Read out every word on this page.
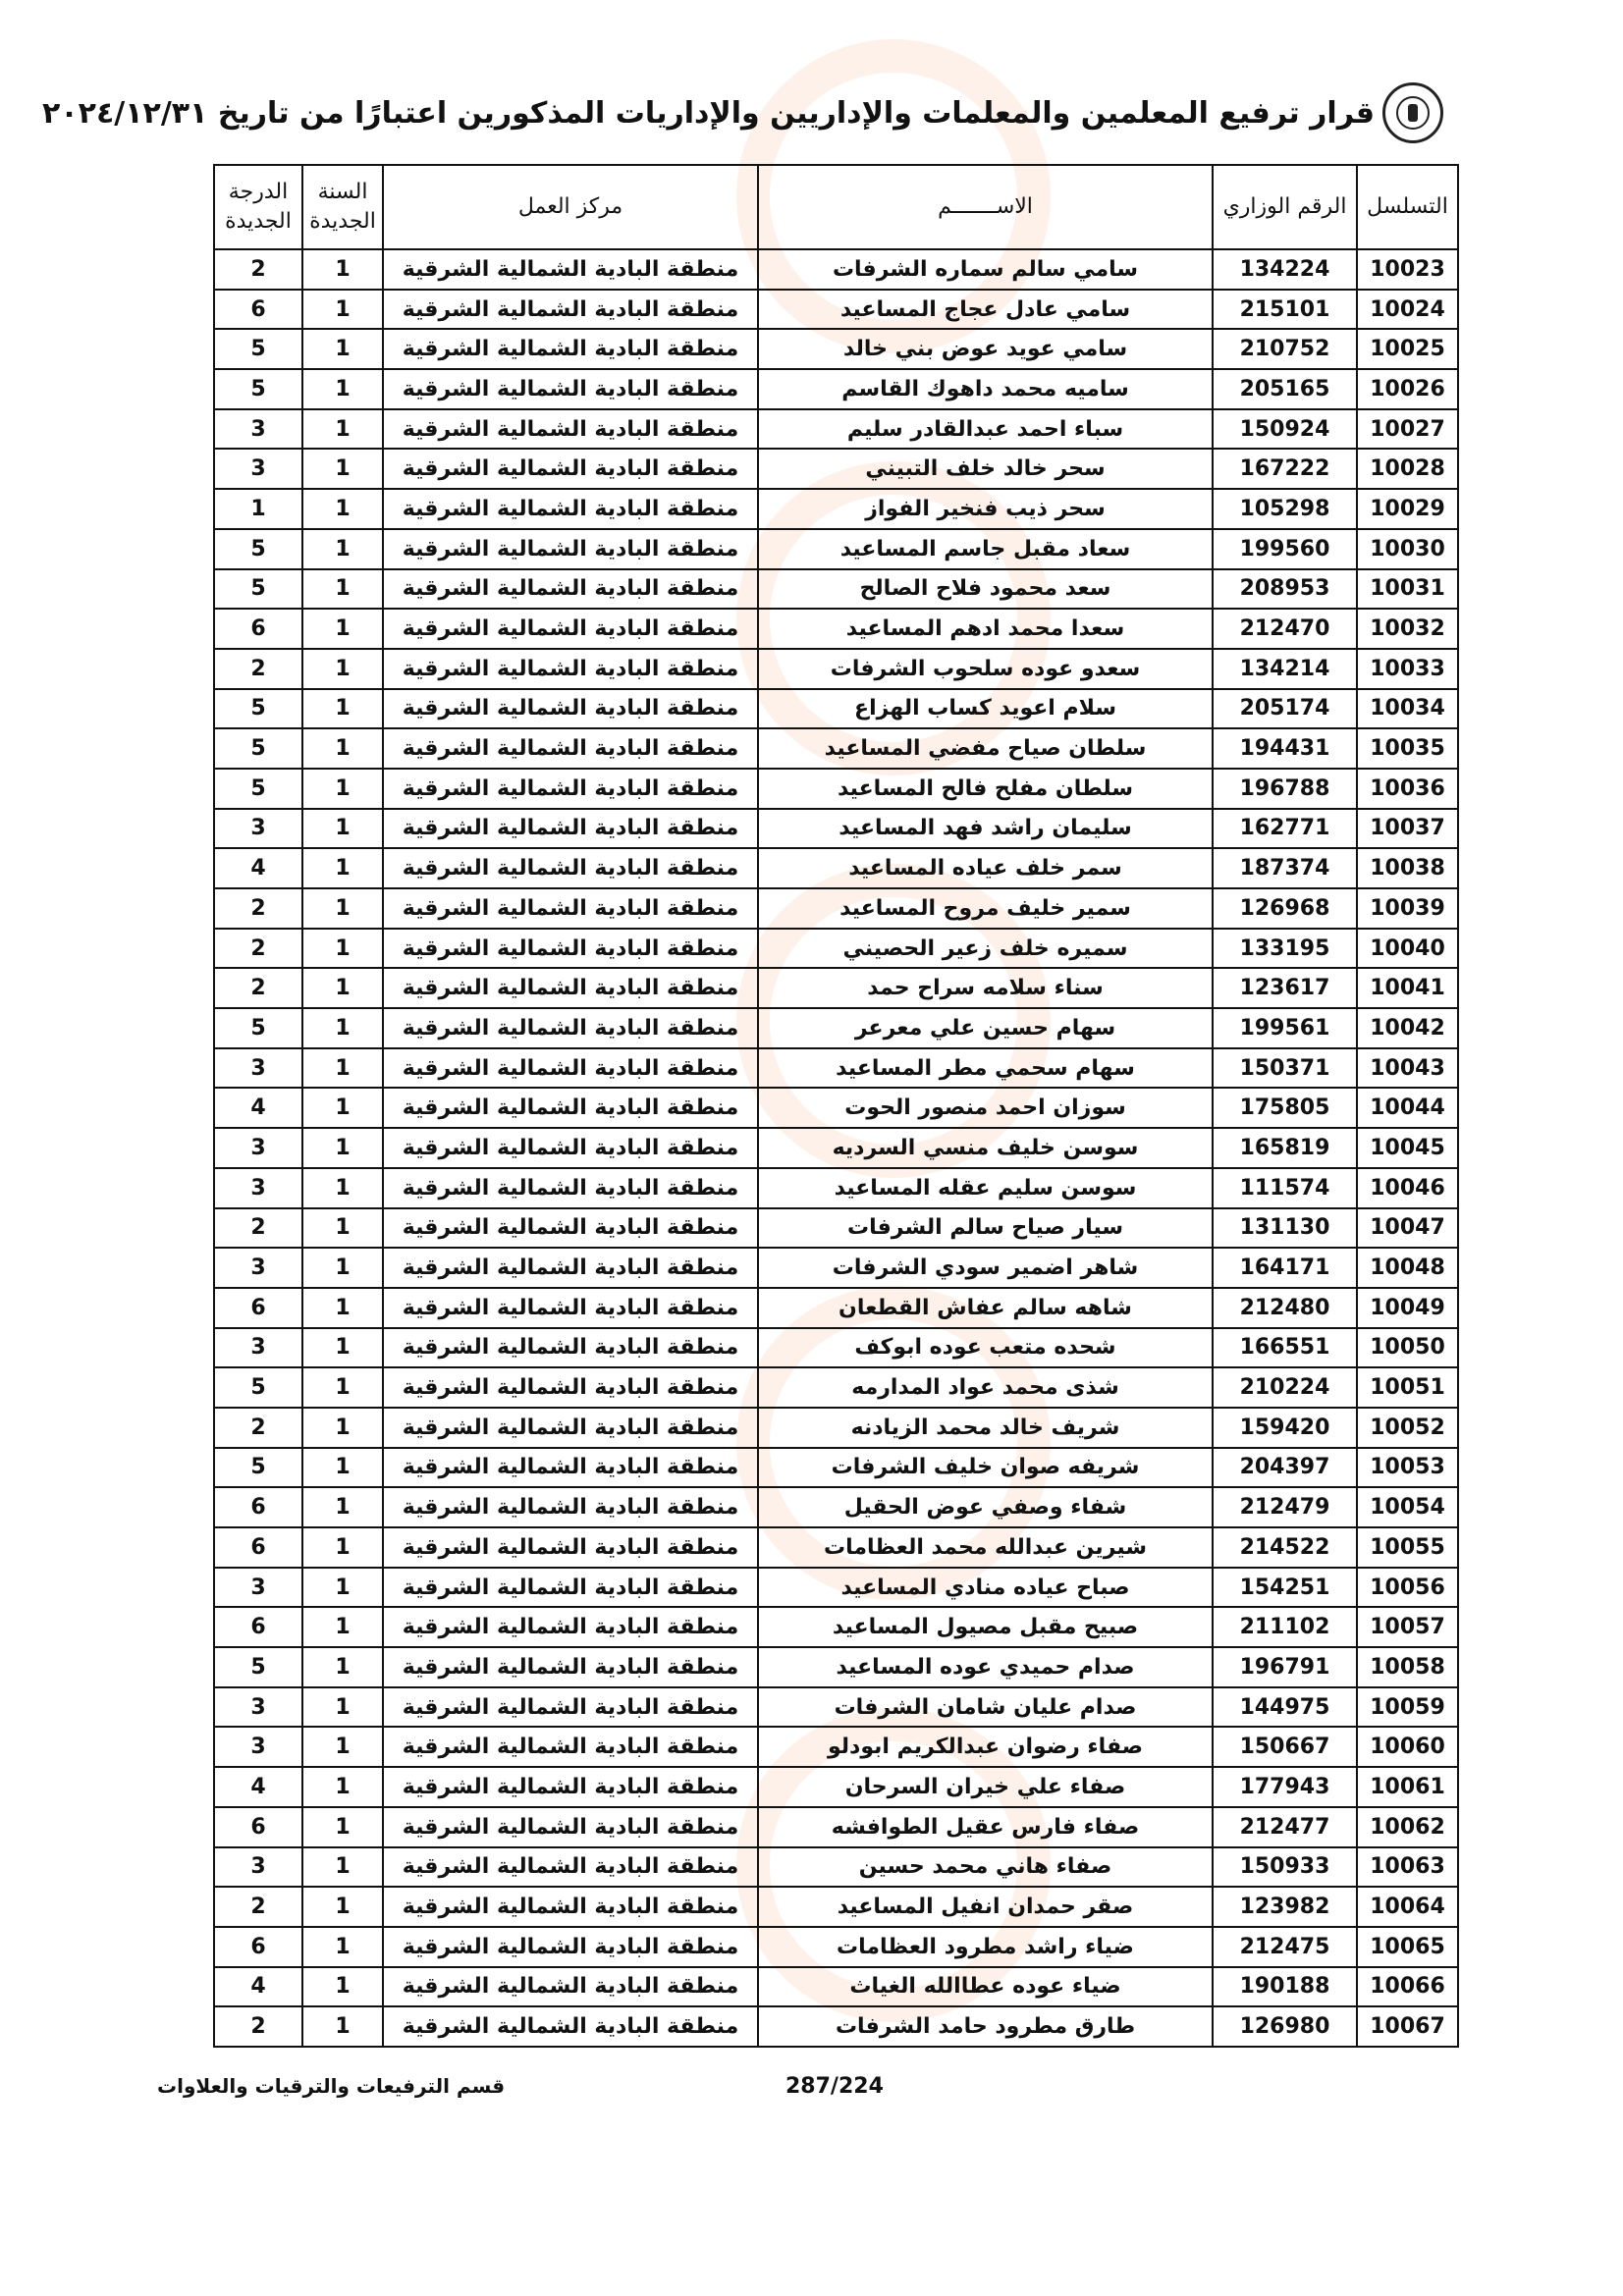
قرار ترفيع المعلمين والمعلمات والإداريين والإداريات المذكورين اعتبارًا من تاريخ ٢٠٢٤/١٢/٣١
التسلسل	الرقم الوزاري	الاســـــــم	مركز العمل	السنة الجديدة	الدرجة الجديدة
10023	134224	سامي سالم سماره الشرفات	منطقة البادية الشمالية الشرقية	1	2
10024	215101	سامي عادل عجاج المساعيد	منطقة البادية الشمالية الشرقية	1	6
10025	210752	سامي عويد عوض بني خالد	منطقة البادية الشمالية الشرقية	1	5
10026	205165	ساميه محمد داهوك القاسم	منطقة البادية الشمالية الشرقية	1	5
10027	150924	سباء احمد عبدالقادر سليم	منطقة البادية الشمالية الشرقية	1	3
10028	167222	سحر خالد خلف التبيني	منطقة البادية الشمالية الشرقية	1	3
10029	105298	سحر ذيب فنخير الفواز	منطقة البادية الشمالية الشرقية	1	1
10030	199560	سعاد مقبل جاسم المساعيد	منطقة البادية الشمالية الشرقية	1	5
10031	208953	سعد محمود فلاح الصالح	منطقة البادية الشمالية الشرقية	1	5
10032	212470	سعدا محمد ادهم المساعيد	منطقة البادية الشمالية الشرقية	1	6
10033	134214	سعدو عوده سلحوب الشرفات	منطقة البادية الشمالية الشرقية	1	2
10034	205174	سلام اعويد كساب الهزاع	منطقة البادية الشمالية الشرقية	1	5
10035	194431	سلطان صياح مفضي المساعيد	منطقة البادية الشمالية الشرقية	1	5
10036	196788	سلطان مفلح فالح المساعيد	منطقة البادية الشمالية الشرقية	1	5
10037	162771	سليمان راشد فهد المساعيد	منطقة البادية الشمالية الشرقية	1	3
10038	187374	سمر خلف عياده المساعيد	منطقة البادية الشمالية الشرقية	1	4
10039	126968	سمير خليف مروح المساعيد	منطقة البادية الشمالية الشرقية	1	2
10040	133195	سميره خلف زعير الحصيني	منطقة البادية الشمالية الشرقية	1	2
10041	123617	سناء سلامه سراح حمد	منطقة البادية الشمالية الشرقية	1	2
10042	199561	سهام حسين علي معرعر	منطقة البادية الشمالية الشرقية	1	5
10043	150371	سهام سحمي مطر المساعيد	منطقة البادية الشمالية الشرقية	1	3
10044	175805	سوزان احمد منصور الحوت	منطقة البادية الشمالية الشرقية	1	4
10045	165819	سوسن خليف منسي السرديه	منطقة البادية الشمالية الشرقية	1	3
10046	111574	سوسن سليم عقله المساعيد	منطقة البادية الشمالية الشرقية	1	3
10047	131130	سيار صياح سالم الشرفات	منطقة البادية الشمالية الشرقية	1	2
10048	164171	شاهر اضمير سودي الشرفات	منطقة البادية الشمالية الشرقية	1	3
10049	212480	شاهه سالم عفاش القطعان	منطقة البادية الشمالية الشرقية	1	6
10050	166551	شحده متعب عوده ابوكف	منطقة البادية الشمالية الشرقية	1	3
10051	210224	شذى محمد عواد المدارمه	منطقة البادية الشمالية الشرقية	1	5
10052	159420	شريف خالد محمد الزيادنه	منطقة البادية الشمالية الشرقية	1	2
10053	204397	شريفه صوان خليف الشرفات	منطقة البادية الشمالية الشرقية	1	5
10054	212479	شفاء وصفي عوض الحقيل	منطقة البادية الشمالية الشرقية	1	6
10055	214522	شيرين عبدالله محمد العظامات	منطقة البادية الشمالية الشرقية	1	6
10056	154251	صباح عياده منادي المساعيد	منطقة البادية الشمالية الشرقية	1	3
10057	211102	صبيح مقبل مصيول المساعيد	منطقة البادية الشمالية الشرقية	1	6
10058	196791	صدام حميدي عوده المساعيد	منطقة البادية الشمالية الشرقية	1	5
10059	144975	صدام عليان شامان الشرفات	منطقة البادية الشمالية الشرقية	1	3
10060	150667	صفاء رضوان عبدالكريم ابودلو	منطقة البادية الشمالية الشرقية	1	3
10061	177943	صفاء علي خيران السرحان	منطقة البادية الشمالية الشرقية	1	4
10062	212477	صفاء فارس عقيل الطوافشه	منطقة البادية الشمالية الشرقية	1	6
10063	150933	صفاء هاني محمد حسين	منطقة البادية الشمالية الشرقية	1	3
10064	123982	صقر حمدان انفيل المساعيد	منطقة البادية الشمالية الشرقية	1	2
10065	212475	ضياء راشد مطرود العظامات	منطقة البادية الشمالية الشرقية	1	6
10066	190188	ضياء عوده عطاالله الغياث	منطقة البادية الشمالية الشرقية	1	4
10067	126980	طارق مطرود حامد الشرفات	منطقة البادية الشمالية الشرقية	1	2
قسم الترفيعات والترقيات والعلاوات	287/224
